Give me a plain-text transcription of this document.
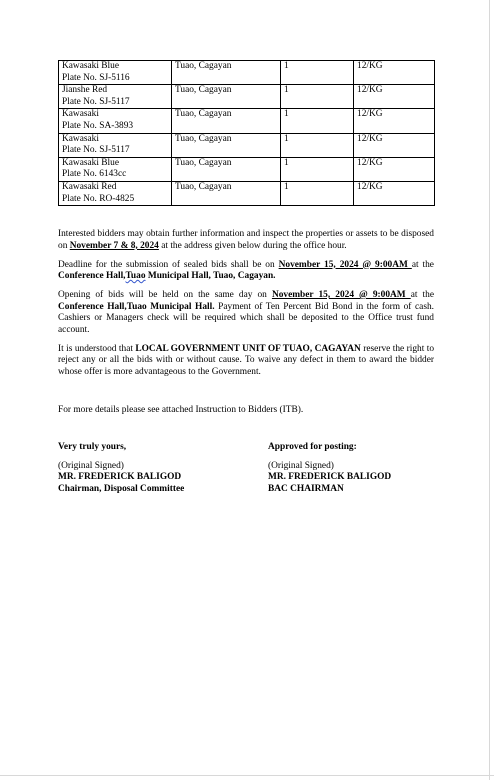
Kawasaki Blue
Plate No. SJ-5116	Tuao, Cagayan	1	12/KG

Jianshe Red
Plate No. SJ-5117	Tuao, Cagayan	1	12/KG

Kawasaki
Plate No. SA-3893	Tuao, Cagayan	1	12/KG

Kawasaki
Plate No. SJ-5117	Tuao, Cagayan	1	12/KG

Kawasaki Blue
Plate No. 6143cc	Tuao, Cagayan	1	12/KG

Kawasaki Red
Plate No. RO-4825	Tuao, Cagayan	1	12/KG

Interested bidders may obtain further information and inspect the properties or assets to be disposed on November 7 & 8, 2024 at the address given below during the office hour.

Deadline for the submission of sealed bids shall be on November 15, 2024 @ 9:00AM at the Conference Hall,Tuao Municipal Hall, Tuao, Cagayan.

Opening of bids will be held on the same day on November 15, 2024 @ 9:00AM at the Conference Hall,Tuao Municipal Hall. Payment of Ten Percent Bid Bond in the form of cash. Cashiers or Managers check will be required which shall be deposited to the Office trust fund account.

It is understood that LOCAL GOVERNMENT UNIT OF TUAO, CAGAYAN reserve the right to reject any or all the bids with or without cause. To waive any defect in them to award the bidder whose offer is more advantageous to the Government.

For more details please see attached Instruction to Bidders (ITB).

Very truly yours,
(Original Signed)
MR. FREDERICK BALIGOD
Chairman, Disposal Committee
Approved for posting:
(Original Signed)
MR. FREDERICK BALIGOD
BAC CHAIRMAN
